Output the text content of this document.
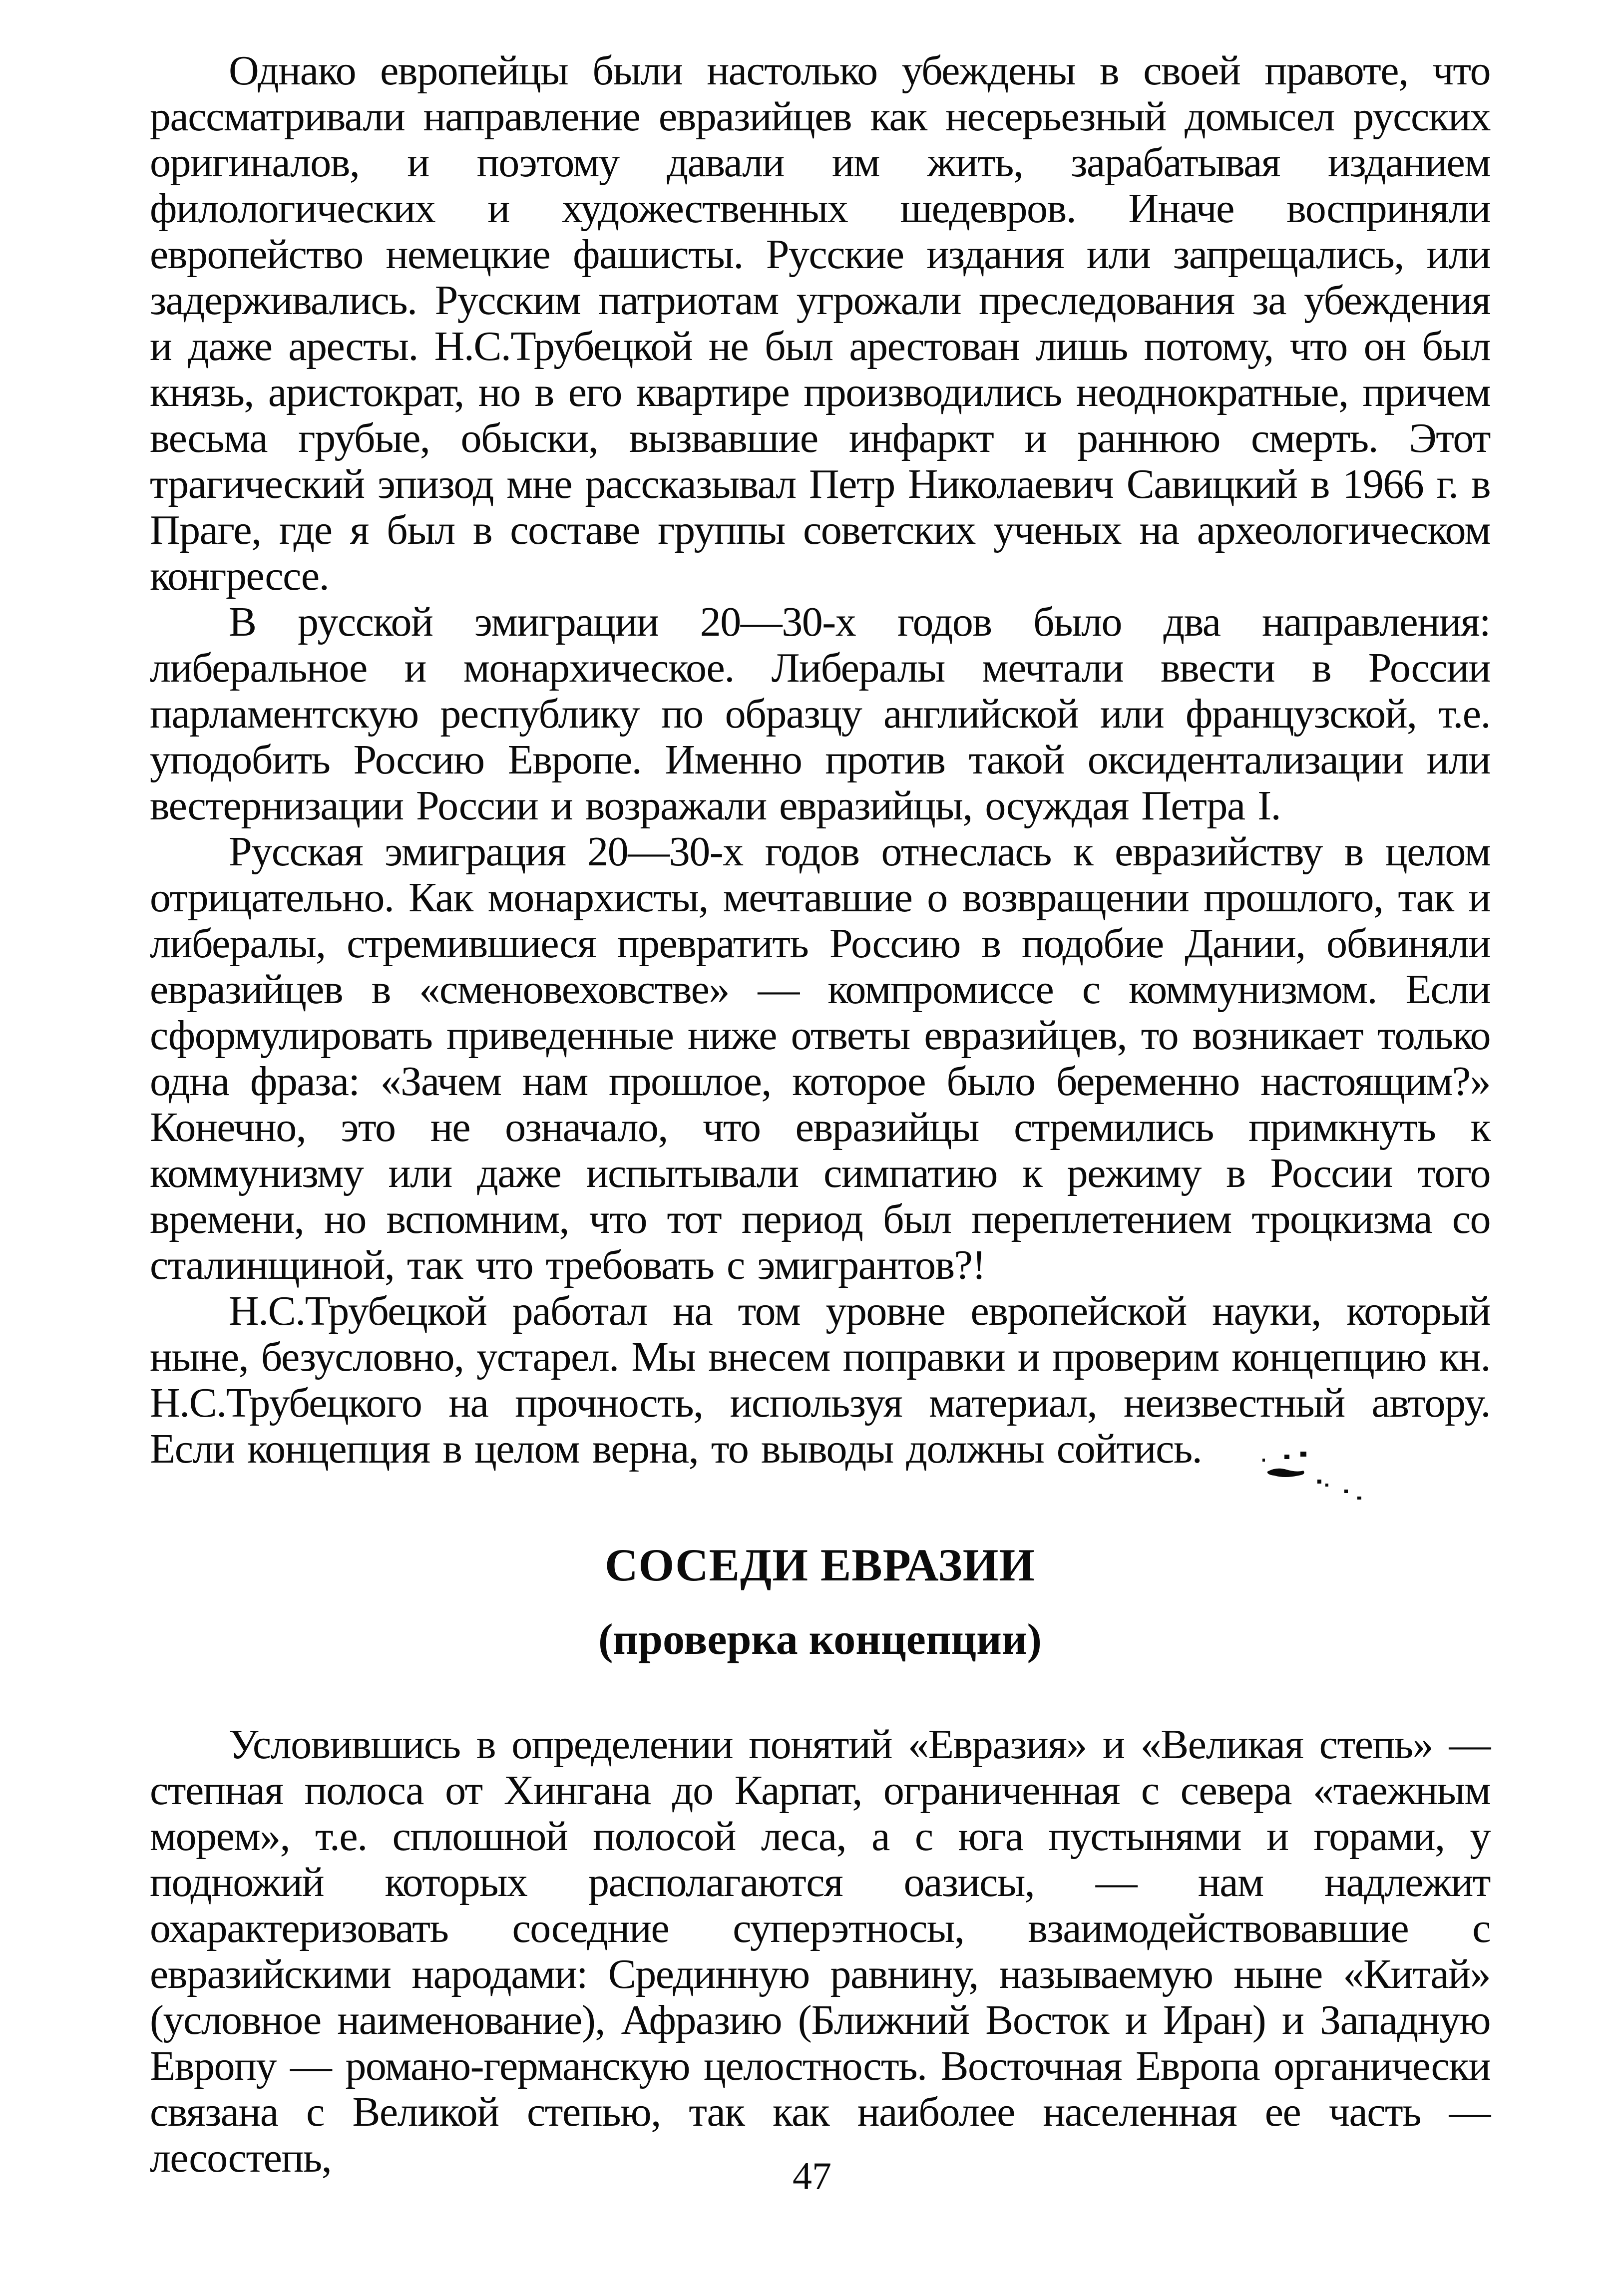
Однако европейцы были настолько убеждены в своей правоте, что рассматривали направление евразийцев как несерьезный домысел русских оригиналов, и поэтому давали им жить, зарабатывая изданием филологических и художественных шедевров. Иначе восприняли европейство немецкие фашисты. Русские издания или запрещались, или задерживались. Русским патриотам угрожали преследования за убеждения и даже аресты. Н.С.Трубецкой не был арестован лишь потому, что он был князь, аристократ, но в его квартире производились неоднократные, причем весьма грубые, обыски, вызвавшие инфаркт и раннюю смерть. Этот трагический эпизод мне рассказывал Петр Николаевич Савицкий в 1966 г. в Праге, где я был в составе группы советских ученых на археологическом конгрессе.

В русской эмиграции 20—30-х годов было два направления: либеральное и монархическое. Либералы мечтали ввести в России парламентскую республику по образцу английской или французской, т.е. уподобить Россию Европе. Именно против такой оксидентализации или вестернизации России и возражали евразийцы, осуждая Петра I.

Русская эмиграция 20—30-х годов отнеслась к евразийству в целом отрицательно. Как монархисты, мечтавшие о возвращении прошлого, так и либералы, стремившиеся превратить Россию в подобие Дании, обвиняли евразийцев в «сменовеховстве» — компромиссе с коммунизмом. Если сформулировать приведенные ниже ответы евразийцев, то возникает только одна фраза: «Зачем нам прошлое, которое было беременно настоящим?» Конечно, это не означало, что евразийцы стремились примкнуть к коммунизму или даже испытывали симпатию к режиму в России того времени, но вспомним, что тот период был переплетением троцкизма со сталинщиной, так что требовать с эмигрантов?!

Н.С.Трубецкой работал на том уровне европейской науки, который ныне, безусловно, устарел. Мы внесем поправки и проверим концепцию кн. Н.С.Трубецкого на прочность, используя материал, неизвестный автору. Если концепция в целом верна, то выводы должны сойтись.

СОСЕДИ ЕВРАЗИИ
(проверка концепции)

Условившись в определении понятий «Евразия» и «Великая степь» — степная полоса от Хингана до Карпат, ограниченная с севера «таежным морем», т.е. сплошной полосой леса, а с юга пустынями и горами, у подножий которых располагаются оазисы, — нам надлежит охарактеризовать соседние суперэтносы, взаимодействовавшие с евразийскими народами: Срединную равнину, называемую ныне «Китай» (условное наименование), Афразию (Ближний Восток и Иран) и Западную Европу — романо-германскую целостность. Восточная Европа органически связана с Великой степью, так как наиболее населенная ее часть — лесостепь,	47
